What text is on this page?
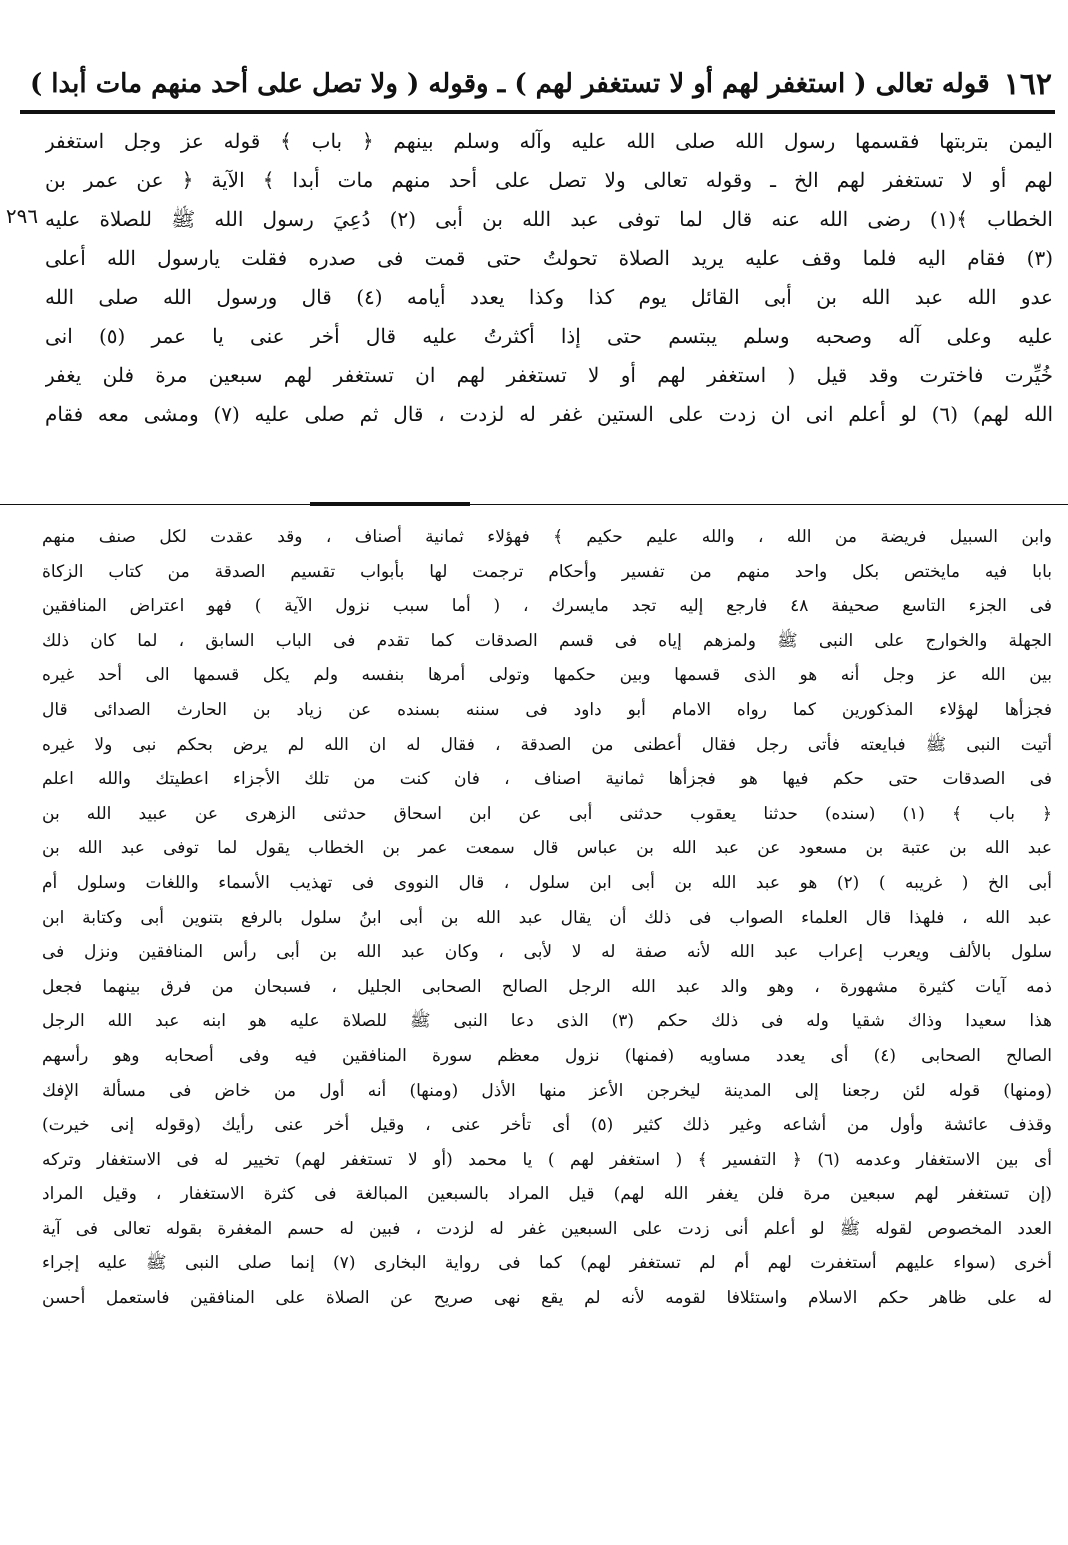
١٦٢
قوله تعالى ( استغفر لهم أو لا تستغفر لهم ) ـ وقوله ( ولا تصل على أحد منهم مات أبدا )
٢٩٦
اليمن بتربتها فقسمها رسول الله صلى الله عليه وآله وسلم بينهم ﴿ باب ﴾ قوله عز وجل استغفر
لهم أو لا تستغفر لهم الخ ـ وقوله تعالى ولا تصل على أحد منهم مات أبدا ﴾ الآية ﴿ عن عمر بن
الخطاب ﴾(١) رضى الله عنه قال لما توفى عبد الله بن أبى (٢) دُعِيَ رسول الله ﷺ للصلاة عليه
(٣) فقام اليه فلما وقف عليه يريد الصلاة تحولتُ حتى قمت فى صدره فقلت يارسول الله أعلى
عدو الله عبد الله بن أبى القائل يوم كذا وكذا يعدد أيامه (٤) قال ورسول الله صلى الله
عليه وعلى آله وصحبه وسلم يبتسم حتى إذا أكثرتُ عليه قال أخر عنى يا عمر (٥) انى
خُيِّرت فاخترت وقد قيل ( استغفر لهم أو لا تستغفر لهم ان تستغفر لهم سبعين مرة فلن يغفر
الله لهم) (٦) لو أعلم انى ان زدت على الستين غفر له لزدت ، قال ثم صلى عليه (٧) ومشى معه فقام
وابن السبيل فريضة من الله ، والله عليم حكيم ﴾ فهؤلاء ثمانية أصناف ، وقد عقدت لكل صنف منهم
بابا فيه مايختص بكل واحد منهم من تفسير وأحكام ترجمت لها بأبواب تقسيم الصدقة من كتاب الزكاة
فى الجزء التاسع صحيفة ٤٨ فارجع إليه تجد مايسرك ، ( أما سبب نزول الآية ) فهو اعتراض المنافقين
الجهلة والخوارج على النبى ﷺ ولمزهم إياه فى قسم الصدقات كما تقدم فى الباب السابق ، لما كان ذلك
بين الله عز وجل أنه هو الذى قسمها وبين حكمها وتولى أمرها بنفسه ولم يكل قسمها الى أحد غيره
فجزأها لهؤلاء المذكورين كما رواه الامام أبو داود فى سننه بسنده عن زياد بن الحارث الصدائى قال
أتيت النبى ﷺ فبايعته فأتى رجل فقال أعطنى من الصدقة ، فقال له ان الله لم يرض بحكم نبى ولا غيره
فى الصدقات حتى حكم فيها هو فجزأها ثمانية اصناف ، فان كنت من تلك الأجزاء اعطيتك والله اعلم
﴿ باب ﴾ (١) (سنده) حدثنا يعقوب حدثنى أبى عن ابن اسحاق حدثنى الزهرى عن عبيد الله بن
عبد الله بن عتبة بن مسعود عن عبد الله بن عباس قال سمعت عمر بن الخطاب يقول لما توفى عبد الله بن
أبى الخ ( غريبه ) (٢) هو عبد الله بن أبى ابن سلول ، قال النووى فى تهذيب الأسماء واللغات وسلول أم
عبد الله ، فلهذا قال العلماء الصواب فى ذلك أن يقال عبد الله بن أبى ابنُ سلول بالرفع بتنوين أبى وكتابة ابن
سلول بالألف ويعرب إعراب عبد الله لأنه صفة له لا لأبى ، وكان عبد الله بن أبى رأس المنافقين ونزل فى
ذمه آيات كثيرة مشهورة ، وهو والد عبد الله الرجل الصالح الصحابى الجليل ، فسبحان من فرق بينهما فجعل
هذا سعيدا وذاك شقيا وله فى ذلك حكم (٣) الذى دعا النبى ﷺ للصلاة عليه هو ابنه عبد الله الرجل
الصالح الصحابى (٤) أى يعدد مساويه (فمنها) نزول معظم سورة المنافقين فيه وفى أصحابه وهو رأسهم
(ومنها) قوله لئن رجعنا إلى المدينة ليخرجن الأعز منها الأذل (ومنها) أنه أول من خاض فى مسألة الإفك
وقذف عائشة وأول من أشاعه وغير ذلك كثير (٥) أى تأخر عنى ، وقيل أخر عنى رأيك (وقوله إنى خيرت)
أى بين الاستغفار وعدمه (٦) ﴿ التفسير ﴾ ( استغفر لهم ) يا محمد (أو لا تستغفر لهم) تخيير له فى الاستغفار وتركه
(إن تستغفر لهم سبعين مرة فلن يغفر الله لهم) قيل المراد بالسبعين المبالغة فى كثرة الاستغفار ، وقيل المراد
العدد المخصوص لقوله ﷺ لو أعلم أنى زدت على السبعين غفر له لزدت ، فبين له حسم المغفرة بقوله تعالى فى آية
أخرى (سواء عليهم أستغفرت لهم أم لم تستغفر لهم) كما فى رواية البخارى (٧) إنما صلى النبى ﷺ عليه إجراء
له على ظاهر حكم الاسلام واستئلافا لقومه لأنه لم يقع نهى صريح عن الصلاة على المنافقين فاستعمل أحسن
